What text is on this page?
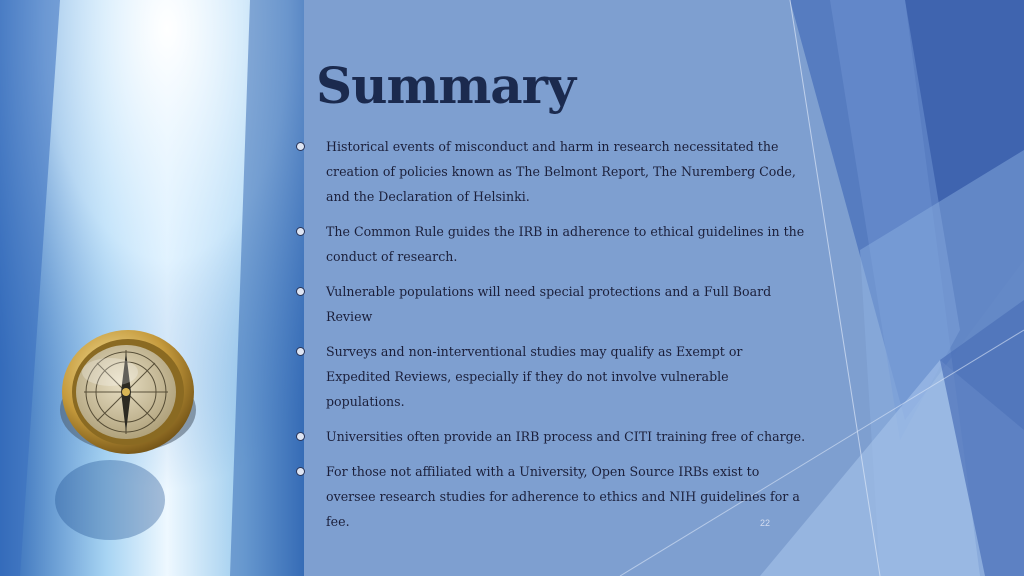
Summary
Historical events of misconduct and harm in research necessitated the creation of policies known as The Belmont Report, The Nuremberg Code, and the Declaration of Helsinki.
The Common Rule guides the IRB in adherence to ethical guidelines in the conduct of research.
Vulnerable populations will need special protections and a Full Board Review
Surveys and non-interventional studies may qualify as Exempt or Expedited Reviews, especially if they do not involve vulnerable populations.
Universities often provide an IRB process and CITI training free of charge.
For those not affiliated with a University, Open Source IRBs exist to oversee research studies for adherence to ethics and NIH guidelines for a fee.	22
